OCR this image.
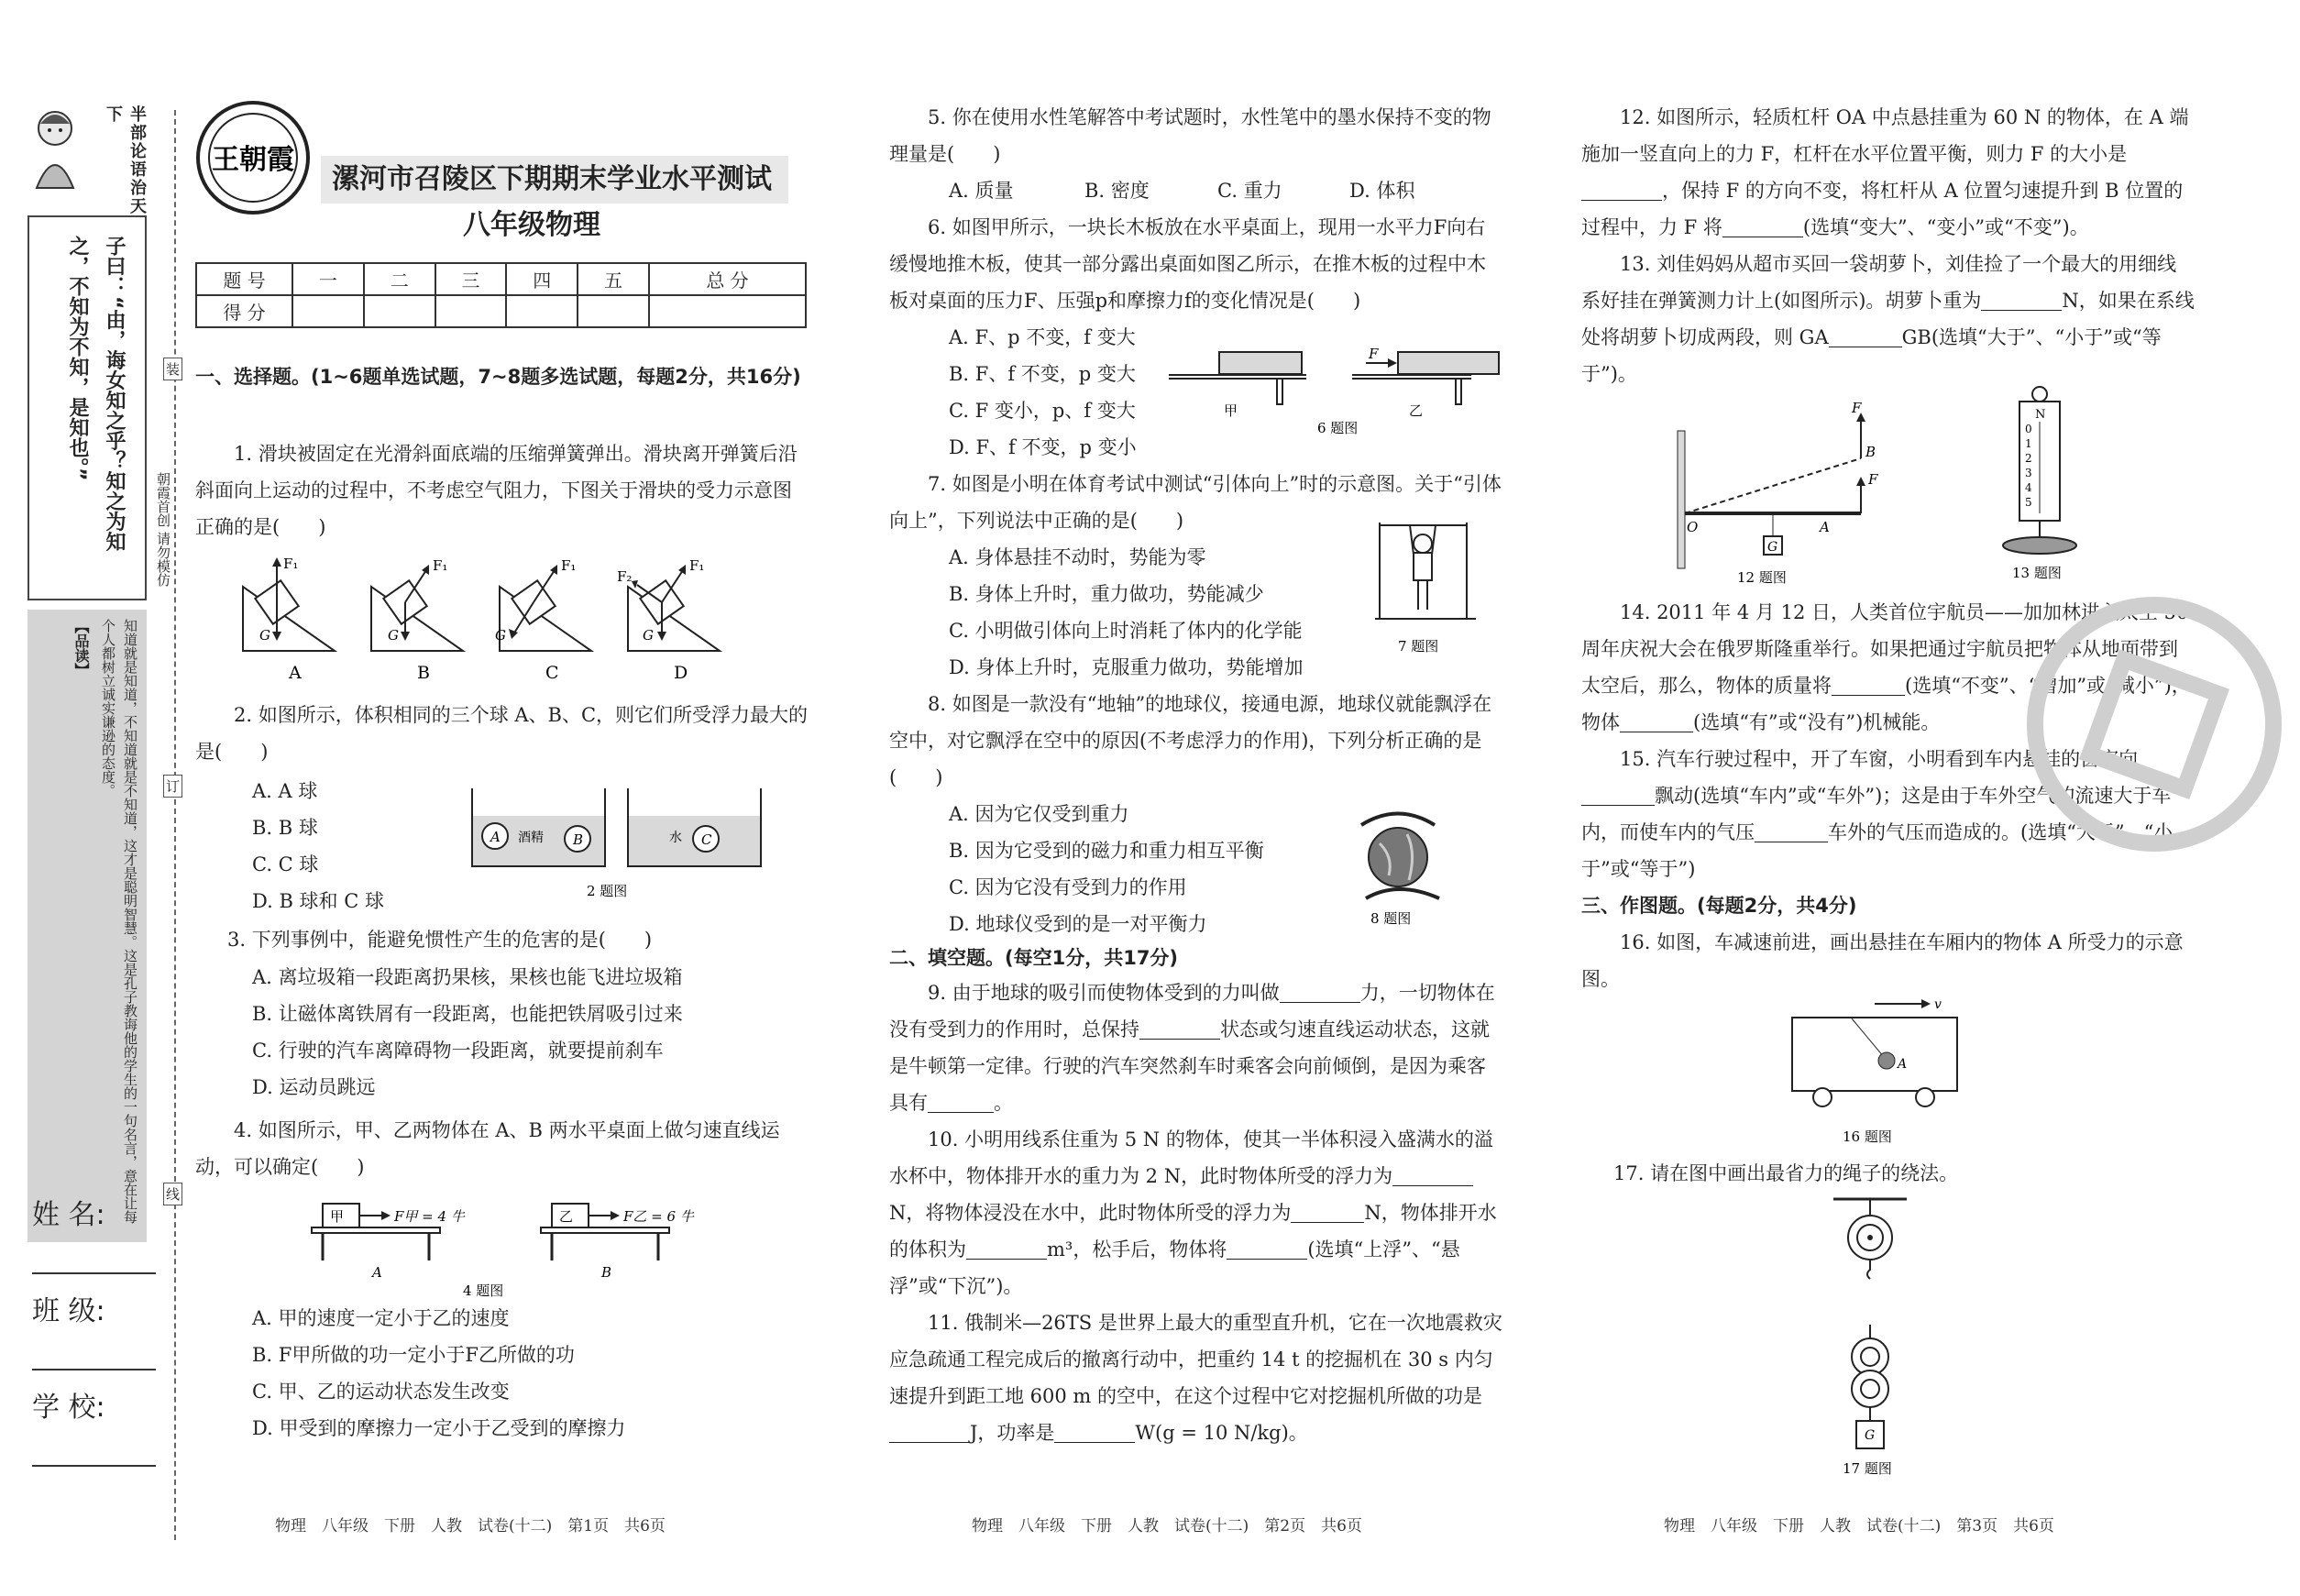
半部论语治天下
子曰：“由，诲女知之乎？知之为知之，不知为不知，是知也。”
【品读】	知道就是知道，不知道就是不知道，这才是聪明智慧。这是孔子教诲他的学生的一句名言，意在让每个人都树立诚实谦逊的态度。
朝霞首创 请勿模仿
装
订
线
姓 名:
班 级:
学 校:
王朝霞
漯河市召陵区下期期末学业水平测试
八年级物理
题 号	一	二	三	四	五	总 分
得 分						
一、选择题。(1~6题单选试题，7~8题多选试题，每题2分，共16分)
1. 滑块被固定在光滑斜面底端的压缩弹簧弹出。滑块离开弹簧后沿斜面向上运动的过程中，不考虑空气阻力，下图关于滑块的受力示意图正确的是(　　)
F₁
G
A
F₁
G
B
F₁
G
C
F₁
F₂
G
D
2. 如图所示，体积相同的三个球 A、B、C，则它们所受浮力最大的是(　　)
A. A 球
B. B 球
C. C 球
D. B 球和 C 球
A 酒精 B	水 C
2 题图
3. 下列事例中，能避免惯性产生的危害的是(　　)
A. 离垃圾箱一段距离扔果核，果核也能飞进垃圾箱
B. 让磁体离铁屑有一段距离，也能把铁屑吸引过来
C. 行驶的汽车离障碍物一段距离，就要提前刹车
D. 运动员跳远
4. 如图所示，甲、乙两物体在 A、B 两水平桌面上做匀速直线运动，可以确定(　　)
甲	F甲 = 4 牛
A
乙	F乙 = 6 牛
B
4 题图
A. 甲的速度一定小于乙的速度
B. F甲所做的功一定小于F乙所做的功
C. 甲、乙的运动状态发生改变
D. 甲受到的摩擦力一定小于乙受到的摩擦力
物理　八年级　下册　人教　试卷(十二)　第1页　共6页
5. 你在使用水性笔解答中考试题时，水性笔中的墨水保持不变的物理量是(　　)
A. 质量	B. 密度	C. 重力	D. 体积
6. 如图甲所示，一块长木板放在水平桌面上，现用一水平力F向右缓慢地推木板，使其一部分露出桌面如图乙所示，在推木板的过程中木板对桌面的压力F、压强p和摩擦力f的变化情况是(　　)
A. F、p 不变，f 变大
B. F、f 不变，p 变大
C. F 变小，p、f 变大
D. F、f 不变，p 变小
甲
F
乙
6 题图
7. 如图是小明在体育考试中测试“引体向上”时的示意图。关于“引体向上”，下列说法中正确的是(　　)
A. 身体悬挂不动时，势能为零
B. 身体上升时，重力做功，势能减少
C. 小明做引体向上时消耗了体内的化学能
D. 身体上升时，克服重力做功，势能增加
7 题图
8. 如图是一款没有“地轴”的地球仪，接通电源，地球仪就能飘浮在空中，对它飘浮在空中的原因(不考虑浮力的作用)，下列分析正确的是(　　)
A. 因为它仅受到重力
B. 因为它受到的磁力和重力相互平衡
C. 因为它没有受到力的作用
D. 地球仪受到的是一对平衡力	8 题图
二、填空题。(每空1分，共17分)
9. 由于地球的吸引而使物体受到的力叫做	力，一切物体在没有受到力的作用时，总保持	状态或匀速直线运动状态，这就是牛顿第一定律。行驶的汽车突然刹车时乘客会向前倾倒，是因为乘客具有	。
10. 小明用线系住重为 5 N 的物体，使其一半体积浸入盛满水的溢水杯中，物体排开水的重力为 2 N，此时物体所受的浮力为N，将物体浸没在水中，此时物体所受的浮力为	N，物体排开水的体积为	m³，松手后，物体将	(选填“上浮”、“悬浮”或“下沉”)。
11. 俄制米—26TS 是世界上最大的重型直升机，它在一次地震救灾应急疏通工程完成后的撤离行动中，把重约 14 t 的挖掘机在 30 s 内匀速提升到距工地 600 m 的空中，在这个过程中它对挖掘机所做的功是J，功率是	W(g = 10 N/kg)。
物理　八年级　下册　人教　试卷(十二)　第2页　共6页
12. 如图所示，轻质杠杆 OA 中点悬挂重为 60 N 的物体，在 A 端施加一竖直向上的力 F，杠杆在水平位置平衡，则力 F 的大小是，保持 F 的方向不变，将杠杆从 A 位置匀速提升到 B 位置的过程中，力 F 将	(选填“变大”、“变小”或“不变”)。
13. 刘佳妈妈从超市买回一袋胡萝卜，刘佳捡了一个最大的用细线系好挂在弹簧测力计上(如图所示)。胡萝卜重为	N，如果在系线处将胡萝卜切成两段，则 GA	GB(选填“大于”、“小于”或“等于”)。
G
F
F
B
O	A
12 题图
N
0
1
2
3
4
5
13 题图
14. 2011 年 4 月 12 日，人类首位宇航员——加加林进入太空 50 周年庆祝大会在俄罗斯隆重举行。如果把通过宇航员把物体从地面带到太空后，那么，物体的质量将	(选填“不变”、“增加”或“减小”)，物体	(选填“有”或“没有”)机械能。
15. 汽车行驶过程中，开了车窗，小明看到车内悬挂的窗帘向飘动(选填“车内”或“车外”)；这是由于车外空气的流速大于车内，而使车内的气压	车外的气压而造成的。(选填“大于”、“小于”或“等于”)
三、作图题。(每题2分，共4分)
16. 如图，车减速前进，画出悬挂在车厢内的物体 A 所受力的示意图。
v
A
16 题图
17. 请在图中画出最省力的绳子的绕法。
G
17 题图
物理　八年级　下册　人教　试卷(十二)　第3页　共6页
